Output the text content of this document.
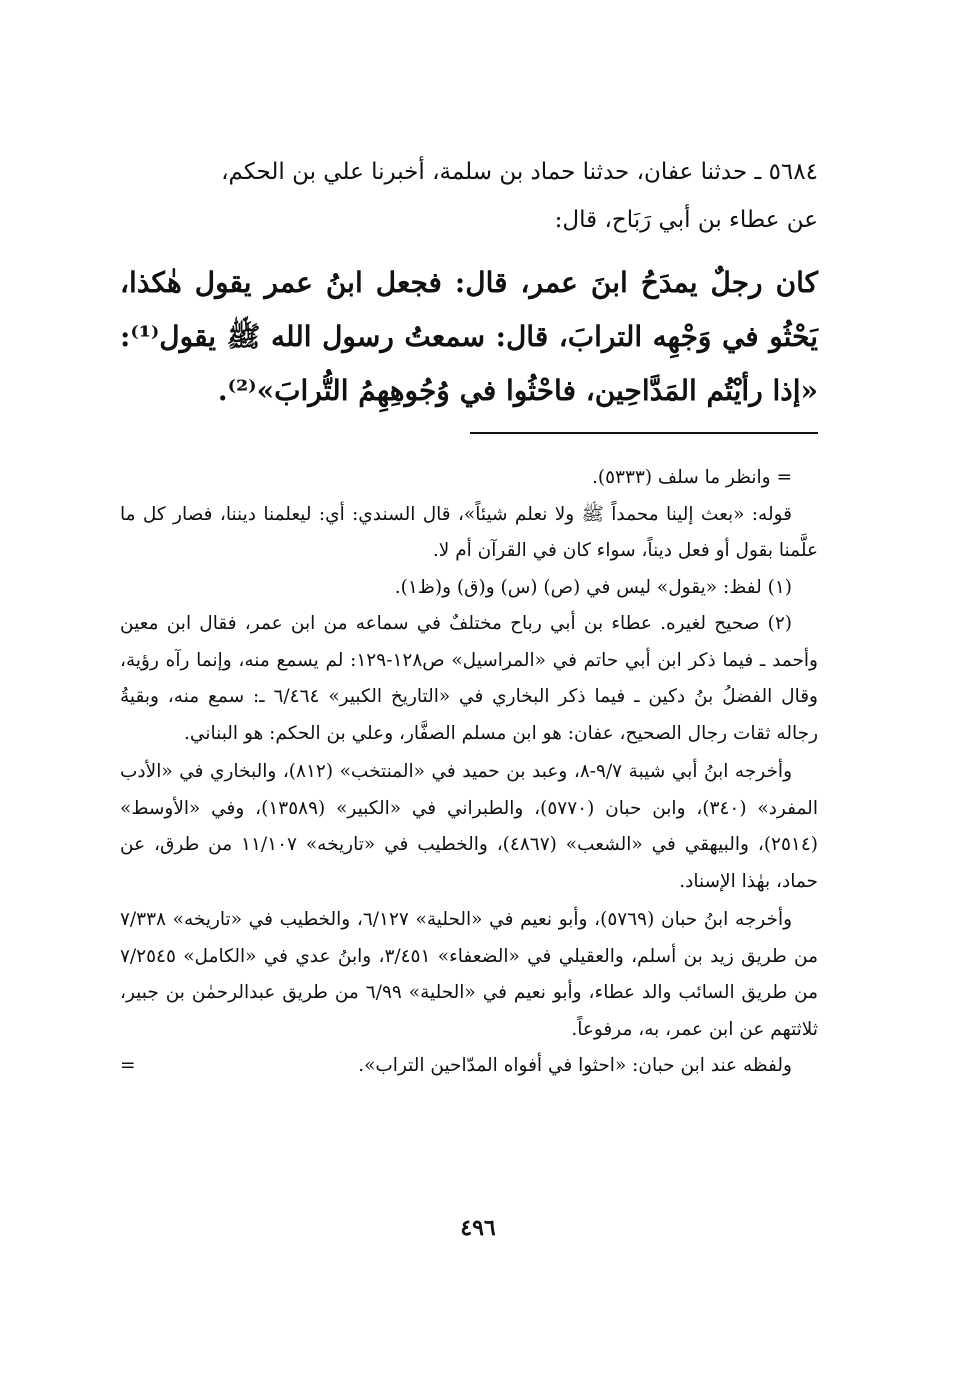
٥٦٨٤ ـ حدثنا عفان، حدثنا حماد بن سلمة، أخبرنا علي بن الحكم،
عن عطاء بن أبي رَبَاح، قال:
كان رجلٌ يمدَحُ ابنَ عمر، قال: فجعل ابنُ عمر يقول هٰكذا، يَحْثُو في وَجْهِه الترابَ، قال: سمعتُ رسول الله ﷺ يقول⁽¹⁾: «إذا رأيْتُم المَدَّاحِين، فاحْثُوا في وُجُوهِهِمُ التُّرابَ»⁽²⁾.

= وانظر ما سلف (٥٣٣٣).

قوله: «بعث إلينا محمداً ﷺ ولا نعلم شيئاً»، قال السندي: أي: ليعلمنا ديننا، فصار كل ما علَّمنا بقول أو فعل ديناً، سواء كان في القرآن أم لا.

(١) لفظ: «يقول» ليس في (ص) (س) و(ق) و(ظ١).

(٢) صحيح لغيره. عطاء بن أبي رباح مختلفٌ في سماعه من ابن عمر، فقال ابن معين وأحمد ـ فيما ذكر ابن أبي حاتم في «المراسيل» ص١٢٨-١٢٩: لم يسمع منه، وإنما رآه رؤية، وقال الفضلُ بنُ دكين ـ فيما ذكر البخاري في «التاريخ الكبير» ٦/٤٦٤ ـ: سمع منه، وبقيةُ رجاله ثقات رجال الصحيح، عفان: هو ابن مسلم الصفَّار، وعلي بن الحكم: هو البناني.

وأخرجه ابنُ أبي شيبة ٩/٧-٨، وعبد بن حميد في «المنتخب» (٨١٢)، والبخاري في «الأدب المفرد» (٣٤٠)، وابن حبان (٥٧٧٠)، والطبراني في «الكبير» (١٣٥٨٩)، وفي «الأوسط» (٢٥١٤)، والبيهقي في «الشعب» (٤٨٦٧)، والخطيب في «تاريخه» ١١/١٠٧ من طرق، عن حماد، بهٰذا الإسناد.

وأخرجه ابنُ حبان (٥٧٦٩)، وأبو نعيم في «الحلية» ٦/١٢٧، والخطيب في «تاريخه» ٧/٣٣٨ من طريق زيد بن أسلم، والعقيلي في «الضعفاء» ٣/٤٥١، وابنُ عدي في «الكامل» ٧/٢٥٤٥ من طريق السائب والد عطاء، وأبو نعيم في «الحلية» ٦/٩٩ من طريق عبدالرحمٰن بن جبير، ثلاثتهم عن ابن عمر، به، مرفوعاً.

ولفظه عند ابن حبان: «احثوا في أفواه المدّاحين التراب».

=
٤٩٦
